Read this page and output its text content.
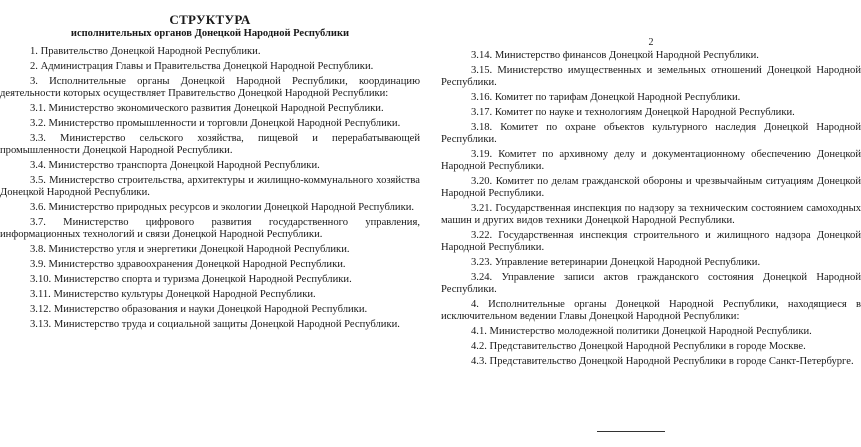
СТРУКТУРА
исполнительных органов Донецкой Народной Республики

1. Правительство Донецкой Народной Республики.

2. Администрация Главы и Правительства Донецкой Народной Республики.

3. Исполнительные органы Донецкой Народной Республики, координацию деятельности которых осуществляет Правительство Донецкой Народной Республики:

3.1. Министерство экономического развития Донецкой Народной Республики.

3.2. Министерство промышленности и торговли Донецкой Народной Республики.

3.3. Министерство сельского хозяйства, пищевой и перерабатывающей промышленности Донецкой Народной Республики.

3.4. Министерство транспорта Донецкой Народной Республики.

3.5. Министерство строительства, архитектуры и жилищно-коммунального хозяйства Донецкой Народной Республики.

3.6. Министерство природных ресурсов и экологии Донецкой Народной Республики.

3.7. Министерство цифрового развития государственного управления, информационных технологий и связи Донецкой Народной Республики.

3.8. Министерство угля и энергетики Донецкой Народной Республики.

3.9. Министерство здравоохранения Донецкой Народной Республики.

3.10. Министерство спорта и туризма Донецкой Народной Республики.

3.11. Министерство культуры Донецкой Народной Республики.

3.12. Министерство образования и науки Донецкой Народной Республики.

3.13. Министерство труда и социальной защиты Донецкой Народной Республики.

2

3.14. Министерство финансов Донецкой Народной Республики.

3.15. Министерство имущественных и земельных отношений Донецкой Народной Республики.

3.16. Комитет по тарифам Донецкой Народной Республики.

3.17. Комитет по науке и технологиям Донецкой Народной Республики.

3.18. Комитет по охране объектов культурного наследия Донецкой Народной Республики.

3.19. Комитет по архивному делу и документационному обеспечению Донецкой Народной Республики.

3.20. Комитет по делам гражданской обороны и чрезвычайным ситуациям Донецкой Народной Республики.

3.21. Государственная инспекция по надзору за техническим состоянием самоходных машин и других видов техники Донецкой Народной Республики.

3.22. Государственная инспекция строительного и жилищного надзора Донецкой Народной Республики.

3.23. Управление ветеринарии Донецкой Народной Республики.

3.24. Управление записи актов гражданского состояния Донецкой Народной Республики.

4. Исполнительные органы Донецкой Народной Республики, находящиеся в исключительном ведении Главы Донецкой Народной Республики:

4.1. Министерство молодежной политики Донецкой Народной Республики.

4.2. Представительство Донецкой Народной Республики в городе Москве.

4.3. Представительство Донецкой Народной Республики в городе Санкт-Петербурге.
